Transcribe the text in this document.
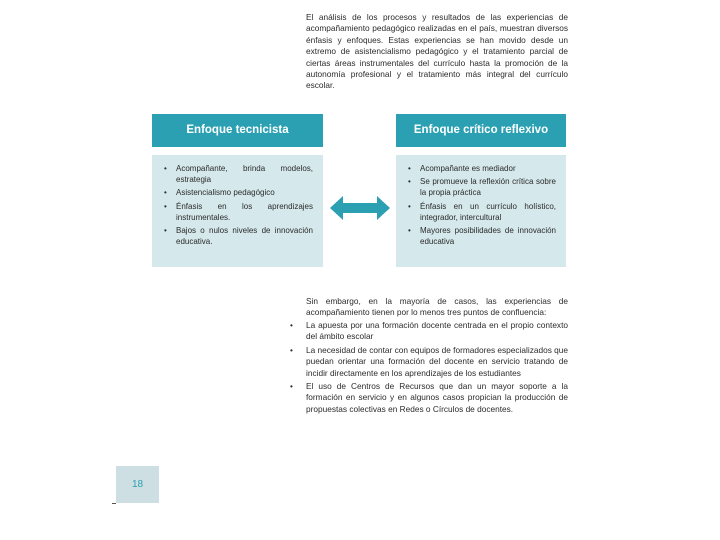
El análisis de los procesos y resultados de las experiencias de acompañamiento pedagógico realizadas en el país, muestran diversos énfasis y enfoques. Estas experiencias se han movido desde un extremo de asistencialismo pedagógico y el tratamiento parcial de ciertas áreas instrumentales del currículo hasta la promoción de la autonomía profesional y el tratamiento más integral del currículo escolar.

Enfoque tecnicista	Enfoque crítico reflexivo
• Acompañante, brinda modelos, estrategia
• Asistencialismo pedagógico
• Énfasis en los aprendizajes instrumentales.
• Bajos o nulos niveles de innovación educativa.
• Acompañante es mediador
• Se promueve la reflexión crítica sobre la propia práctica
• Énfasis en un currículo holístico, integrador, intercultural
• Mayores posibilidades de innovación educativa

Sin embargo, en la mayoría de casos, las experiencias de acompañamiento tienen por lo menos tres puntos de confluencia:

• La apuesta por una formación docente centrada en el propio contexto del ámbito escolar
• La necesidad de contar con equipos de formadores especializados que puedan orientar una formación del docente en servicio tratando de incidir directamente en los aprendizajes de los estudiantes
• El uso de Centros de Recursos que dan un mayor soporte a la formación en servicio y en algunos casos propician la producción de propuestas colectivas en Redes o Círculos de docentes.
18
